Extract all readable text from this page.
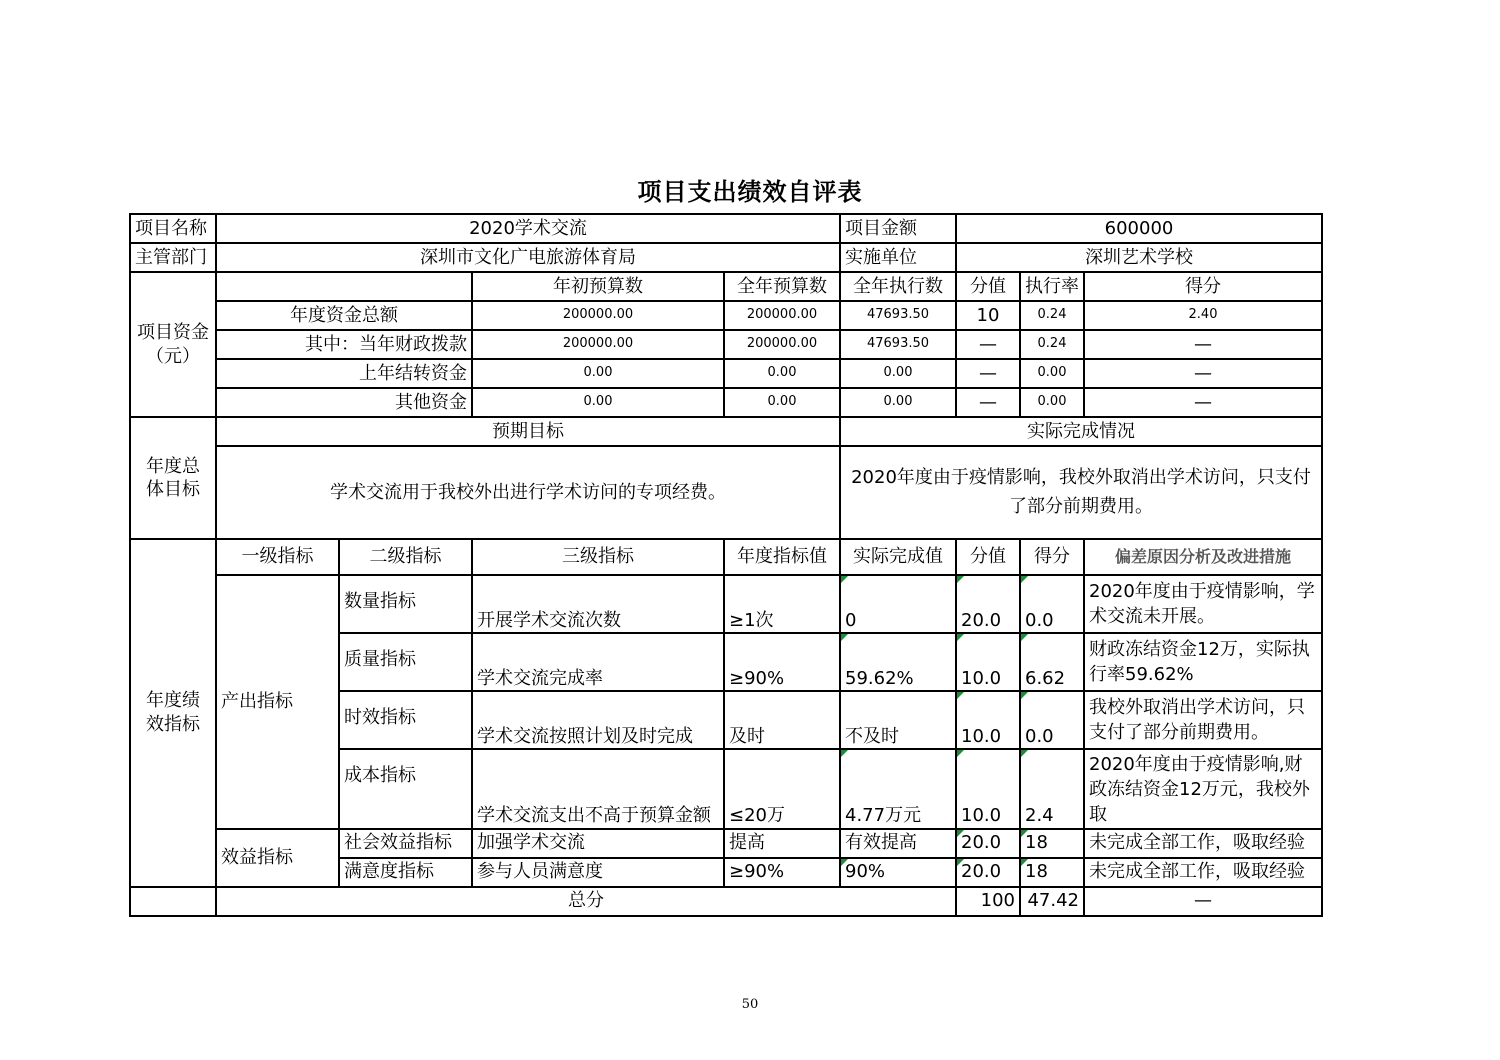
项目支出绩效自评表
项目名称	2020学术交流				项目金额	600000		
主管部门	深圳市文化广电旅游体育局				实施单位	深圳艺术学校		
项目资金（元）			年初预算数	全年预算数	全年执行数	分值	执行率	得分
	年度资金总额		200000.00	200000.00	47693.50	10	0.24	2.40
	其中：当年财政拨款		200000.00	200000.00	47693.50	—	0.24	—
	上年结转资金		0.00	0.00	0.00	—	0.00	—
	其他资金		0.00	0.00	0.00	—	0.00	—
年度总体目标	预期目标				实际完成情况			
	学术交流用于我校外出进行学术访问的专项经费。				2020年度由于疫情影响，我校外取消出学术访问，只支付了部分前期费用。			
年度绩效指标	一级指标	二级指标	三级指标	年度指标值	实际完成值	分值	得分	偏差原因分析及改进措施
	产出指标	数量指标	开展学术交流次数	≥1次	0	20.0	0.0	2020年度由于疫情影响，学术交流未开展。
		质量指标	学术交流完成率	≥90%	59.62%	10.0	6.62	财政冻结资金12万，实际执行率59.62%
		时效指标	学术交流按照计划及时完成	及时	不及时	10.0	0.0	我校外取消出学术访问，只支付了部分前期费用。
		成本指标	学术交流支出不高于预算金额	≤20万	4.77万元	10.0	2.4	2020年度由于疫情影响,财政冻结资金12万元，我校外取
	效益指标	社会效益指标	加强学术交流	提高	有效提高	20.0	18	未完成全部工作，吸取经验
		满意度指标	参与人员满意度	≥90%	90%	20.0	18	未完成全部工作，吸取经验
	总分					100	47.42	—
50
